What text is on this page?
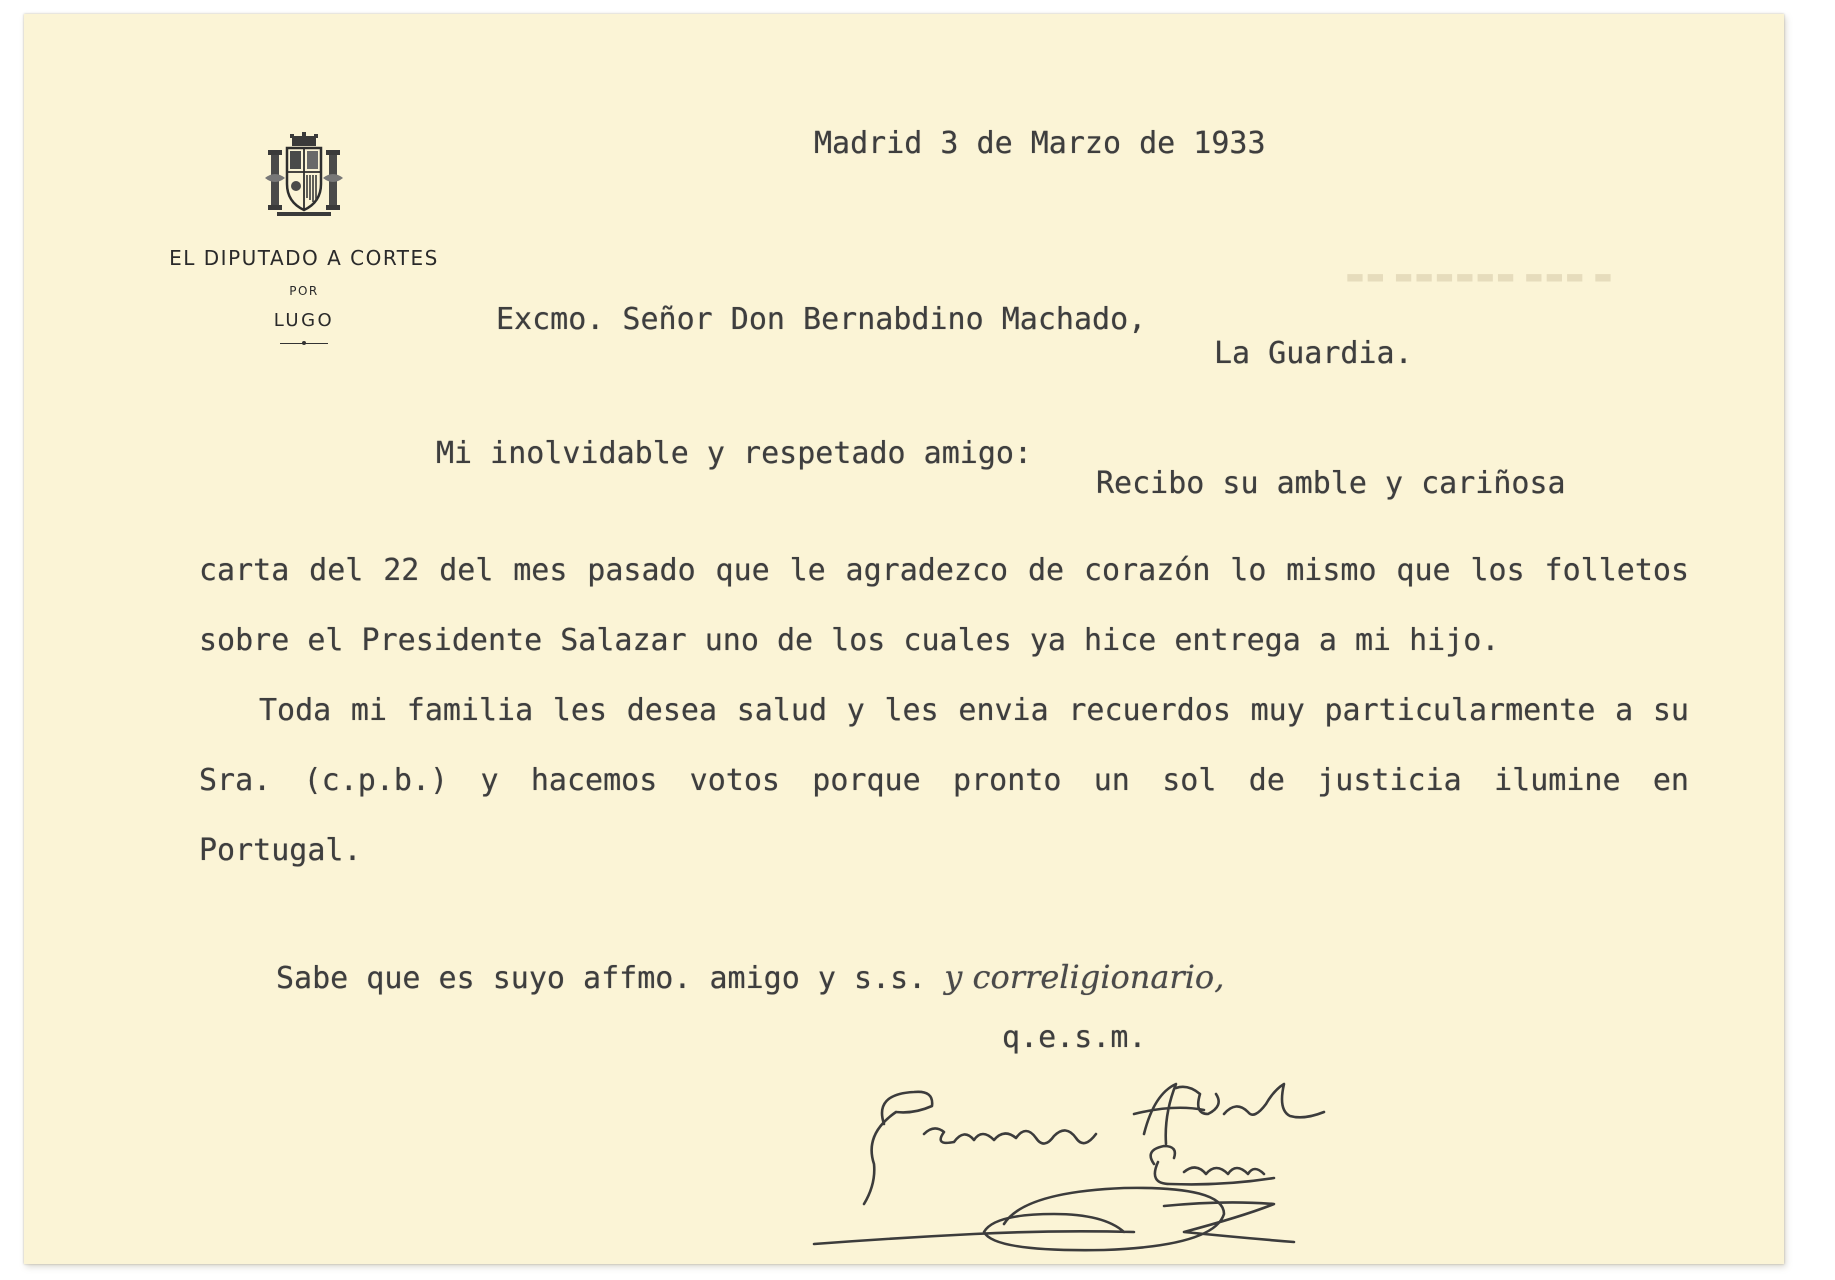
EL DIPUTADO A CORTES
POR
LUGO
Madrid 3 de Marzo de 1933
Excmo. Señor Don Bernabdino Machado,
La Guardia.
Mi inolvidable y respetado amigo:
Recibo su amble y cariñosa

carta del 22 del mes pasado que le agradezco de corazón lo mismo que los folletos sobre el Presidente Salazar uno de los cuales ya hice entrega a mi hijo.

Toda mi familia les desea salud y les envia recuerdos muy particularmente a su Sra. (c.p.b.) y hacemos votos porque pronto un sol de justicia ilumine en Portugal.

Sabe que es suyo affmo. amigo y s.s. y correligionario,
q.e.s.m.
▬ ▬▬▬ ▬▬▬▬▬▬ ▬▬
